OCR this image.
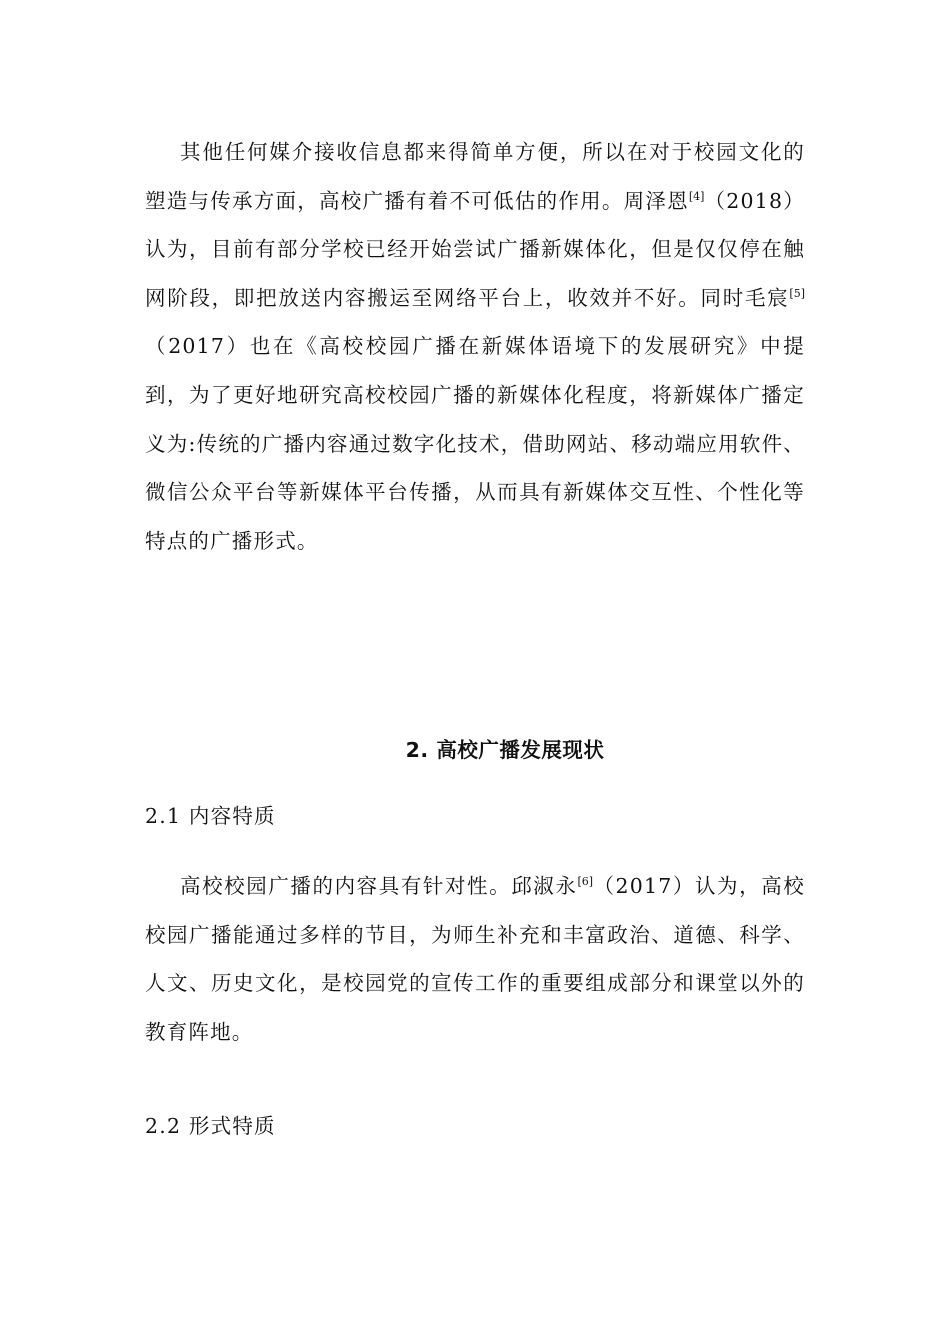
其他任何媒介接收信息都来得简单方便，所以在对于校园文化的塑造与传承方面，高校广播有着不可低估的作用。周泽恩[4]（2018）认为，目前有部分学校已经开始尝试广播新媒体化，但是仅仅停在触网阶段，即把放送内容搬运至网络平台上，收效并不好。同时毛宸[5]（2017）也在《高校校园广播在新媒体语境下的发展研究》中提到，为了更好地研究高校校园广播的新媒体化程度，将新媒体广播定义为:传统的广播内容通过数字化技术，借助网站、移动端应用软件、微信公众平台等新媒体平台传播，从而具有新媒体交互性、个性化等特点的广播形式。

2. 高校广播发展现状

2.1 内容特质

高校校园广播的内容具有针对性。邱淑永[6]（2017）认为，高校校园广播能通过多样的节目，为师生补充和丰富政治、道德、科学、人文、历史文化，是校园党的宣传工作的重要组成部分和课堂以外的教育阵地。

2.2 形式特质
